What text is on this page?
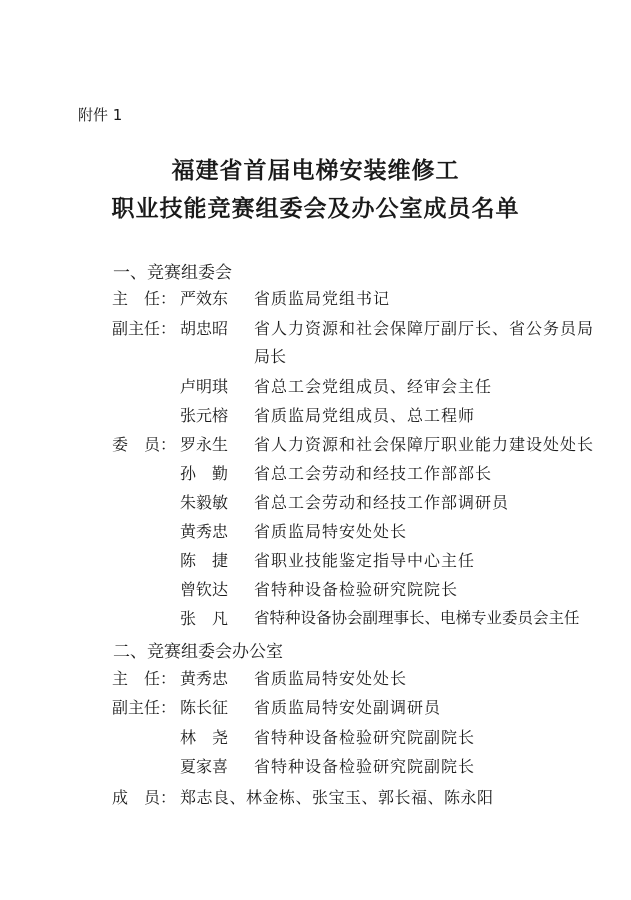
附件 1
福建省首届电梯安装维修工
职业技能竞赛组委会及办公室成员名单
一、竞赛组委会
主　任： 严效东	省质监局党组书记
副主任： 胡忠昭	省人力资源和社会保障厅副厅长、省公务员局
局长
卢明琪	省总工会党组成员、经审会主任
张元榕	省质监局党组成员、总工程师
委　员： 罗永生	省人力资源和社会保障厅职业能力建设处处长
孙　勤	省总工会劳动和经技工作部部长
朱毅敏	省总工会劳动和经技工作部调研员
黄秀忠	省质监局特安处处长
陈　捷	省职业技能鉴定指导中心主任
曾钦达	省特种设备检验研究院院长
张　凡	省特种设备协会副理事长、电梯专业委员会主任
二、竞赛组委会办公室
主　任： 黄秀忠	省质监局特安处处长
副主任： 陈长征	省质监局特安处副调研员
林　尧	省特种设备检验研究院副院长
夏家喜	省特种设备检验研究院副院长
成　员： 郑志良、林金栋、张宝玉、郭长福、陈永阳
